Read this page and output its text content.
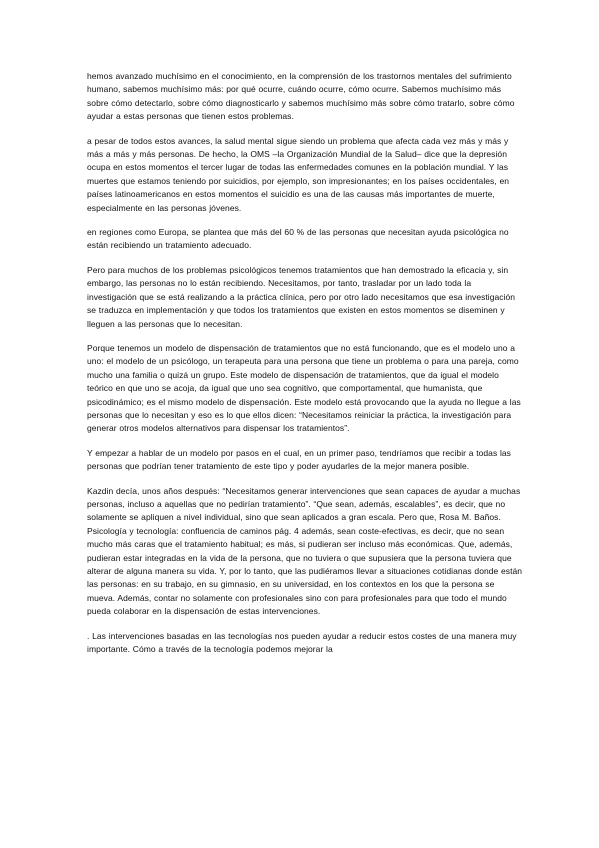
hemos avanzado muchísimo en el conocimiento, en la comprensión de los trastornos mentales del sufrimiento humano, sabemos muchísimo más: por qué ocurre, cuándo ocurre, cómo ocurre. Sabemos muchísimo más sobre cómo detectarlo, sobre cómo diagnosticarlo y sabemos muchísimo más sobre cómo tratarlo, sobre cómo ayudar a estas personas que tienen estos problemas.

a pesar de todos estos avances, la salud mental sigue siendo un problema que afecta cada vez más y más y más a más y más personas. De hecho, la OMS –la Organización Mundial de la Salud– dice que la depresión ocupa en estos momentos el tercer lugar de todas las enfermedades comunes en la población mundial. Y las muertes que estamos teniendo por suicidios, por ejemplo, son impresionantes; en los países occidentales, en países latinoamericanos en estos momentos el suicidio es una de las causas más importantes de muerte, especialmente en las personas jóvenes.

en regiones como Europa, se plantea que más del 60 % de las personas que necesitan ayuda psicológica no están recibiendo un tratamiento adecuado.

Pero para muchos de los problemas psicológicos tenemos tratamientos que han demostrado la eficacia y, sin embargo, las personas no lo están recibiendo. Necesitamos, por tanto, trasladar por un lado toda la investigación que se está realizando a la práctica clínica, pero por otro lado necesitamos que esa investigación se traduzca en implementación y que todos los tratamientos que existen en estos momentos se diseminen y lleguen a las personas que lo necesitan.

Porque tenemos un modelo de dispensación de tratamientos que no está funcionando, que es el modelo uno a uno: el modelo de un psicólogo, un terapeuta para una persona que tiene un problema o para una pareja, como mucho una familia o quizá un grupo. Este modelo de dispensación de tratamientos, que da igual el modelo teórico en que uno se acoja, da igual que uno sea cognitivo, que comportamental, que humanista, que psicodinámico; es el mismo modelo de dispensación. Este modelo está provocando que la ayuda no llegue a las personas que lo necesitan y eso es lo que ellos dicen: “Necesitamos reiniciar la práctica, la investigación para generar otros modelos alternativos para dispensar los tratamientos”.

Y empezar a hablar de un modelo por pasos en el cual, en un primer paso, tendríamos que recibir a todas las personas que podrían tener tratamiento de este tipo y poder ayudarles de la mejor manera posible.

Kazdin decía, unos años después: “Necesitamos generar intervenciones que sean capaces de ayudar a muchas personas, incluso a aquellas que no pedirían tratamiento”. “Que sean, además, escalables”, es decir, que no solamente se apliquen a nivel individual, sino que sean aplicados a gran escala. Pero que, Rosa M. Baños. Psicología y tecnología: confluencia de caminos pág. 4 además, sean coste-efectivas, es decir, que no sean mucho más caras que el tratamiento habitual; es más, si pudieran ser incluso más económicas. Que, además, pudieran estar integradas en la vida de la persona, que no tuviera o que supusiera que la persona tuviera que alterar de alguna manera su vida. Y, por lo tanto, que las pudiéramos llevar a situaciones cotidianas donde están las personas: en su trabajo, en su gimnasio, en su universidad, en los contextos en los que la persona se mueva. Además, contar no solamente con profesionales sino con para profesionales para que todo el mundo pueda colaborar en la dispensación de estas intervenciones.

. Las intervenciones basadas en las tecnologías nos pueden ayudar a reducir estos costes de una manera muy importante. Cómo a través de la tecnología podemos mejorar la
